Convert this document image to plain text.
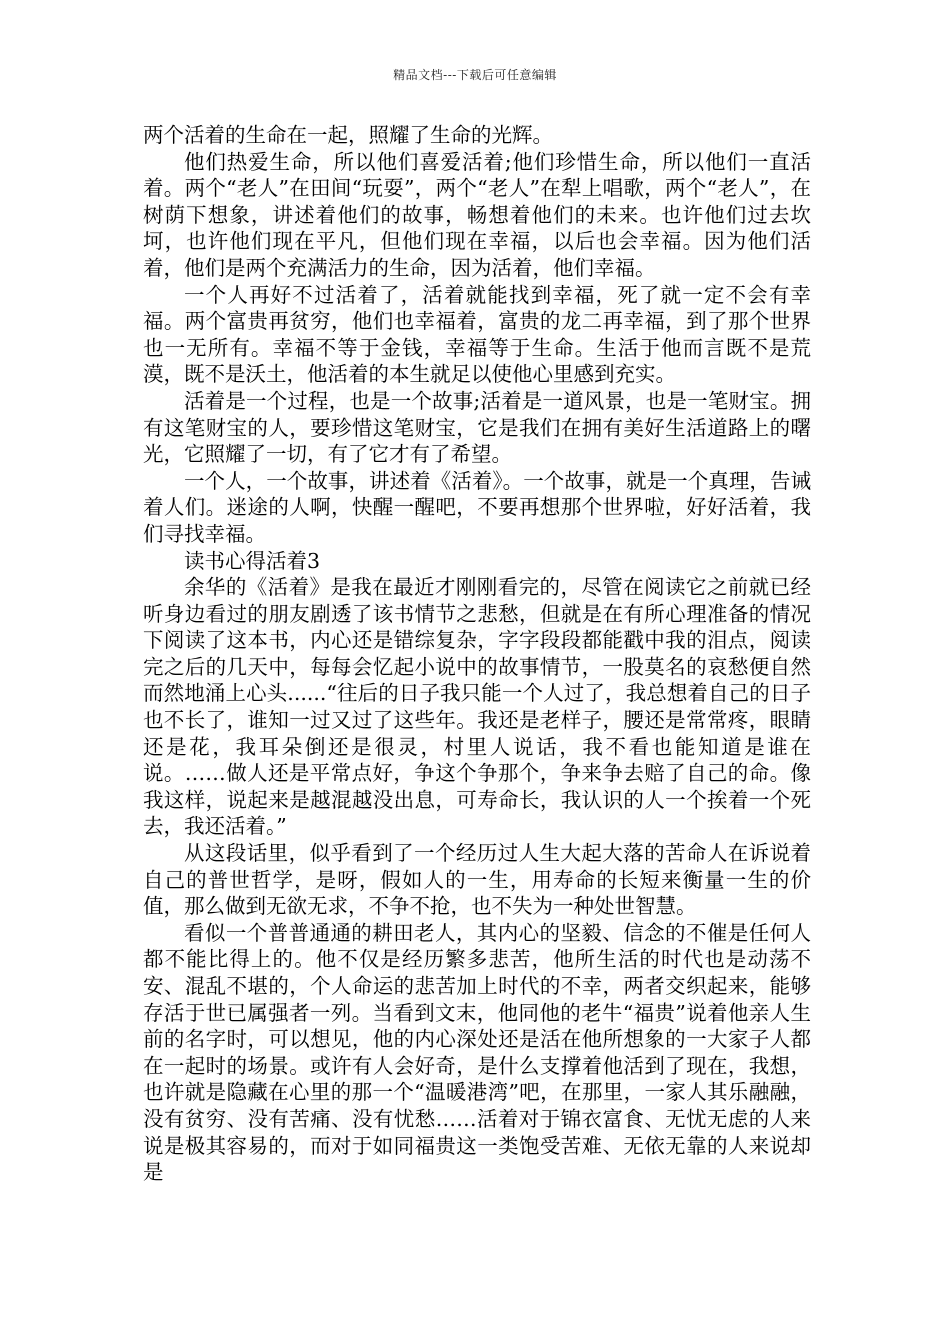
精品文档---下载后可任意编辑

两个活着的生命在一起，照耀了生命的光辉。

他们热爱生命，所以他们喜爱活着;他们珍惜生命，所以他们一直活着。两个“老人”在田间“玩耍”，两个“老人”在犁上唱歌，两个“老人”，在树荫下想象，讲述着他们的故事，畅想着他们的未来。也许他们过去坎坷，也许他们现在平凡，但他们现在幸福，以后也会幸福。因为他们活着，他们是两个充满活力的生命，因为活着，他们幸福。

一个人再好不过活着了，活着就能找到幸福，死了就一定不会有幸福。两个富贵再贫穷，他们也幸福着，富贵的龙二再幸福，到了那个世界也一无所有。幸福不等于金钱，幸福等于生命。生活于他而言既不是荒漠，既不是沃土，他活着的本生就足以使他心里感到充实。

活着是一个过程，也是一个故事;活着是一道风景，也是一笔财宝。拥有这笔财宝的人，要珍惜这笔财宝，它是我们在拥有美好生活道路上的曙光，它照耀了一切，有了它才有了希望。

一个人，一个故事，讲述着《活着》。一个故事，就是一个真理，告诫着人们。迷途的人啊，快醒一醒吧，不要再想那个世界啦，好好活着，我们寻找幸福。

读书心得活着3

余华的《活着》是我在最近才刚刚看完的，尽管在阅读它之前就已经听身边看过的朋友剧透了该书情节之悲愁，但就是在有所心理准备的情况下阅读了这本书，内心还是错综复杂，字字段段都能戳中我的泪点，阅读完之后的几天中，每每会忆起小说中的故事情节，一股莫名的哀愁便自然而然地涌上心头......“往后的日子我只能一个人过了，我总想着自己的日子也不长了，谁知一过又过了这些年。我还是老样子，腰还是常常疼，眼睛还是花，我耳朵倒还是很灵，村里人说话，我不看也能知道是谁在说。……做人还是平常点好，争这个争那个，争来争去赔了自己的命。像我这样，说起来是越混越没出息，可寿命长，我认识的人一个挨着一个死去，我还活着。”

从这段话里，似乎看到了一个经历过人生大起大落的苦命人在诉说着自己的普世哲学，是呀，假如人的一生，用寿命的长短来衡量一生的价值，那么做到无欲无求，不争不抢，也不失为一种处世智慧。

看似一个普普通通的耕田老人，其内心的坚毅、信念的不催是任何人都不能比得上的。他不仅是经历繁多悲苦，他所生活的时代也是动荡不安、混乱不堪的，个人命运的悲苦加上时代的不幸，两者交织起来，能够存活于世已属强者一列。当看到文末，他同他的老牛“福贵”说着他亲人生前的名字时，可以想见，他的内心深处还是活在他所想象的一大家子人都在一起时的场景。或许有人会好奇，是什么支撑着他活到了现在，我想，也许就是隐藏在心里的那一个“温暖港湾”吧，在那里，一家人其乐融融，没有贫穷、没有苦痛、没有忧愁……活着对于锦衣富食、无忧无虑的人来说是极其容易的，而对于如同福贵这一类饱受苦难、无依无靠的人来说却是
